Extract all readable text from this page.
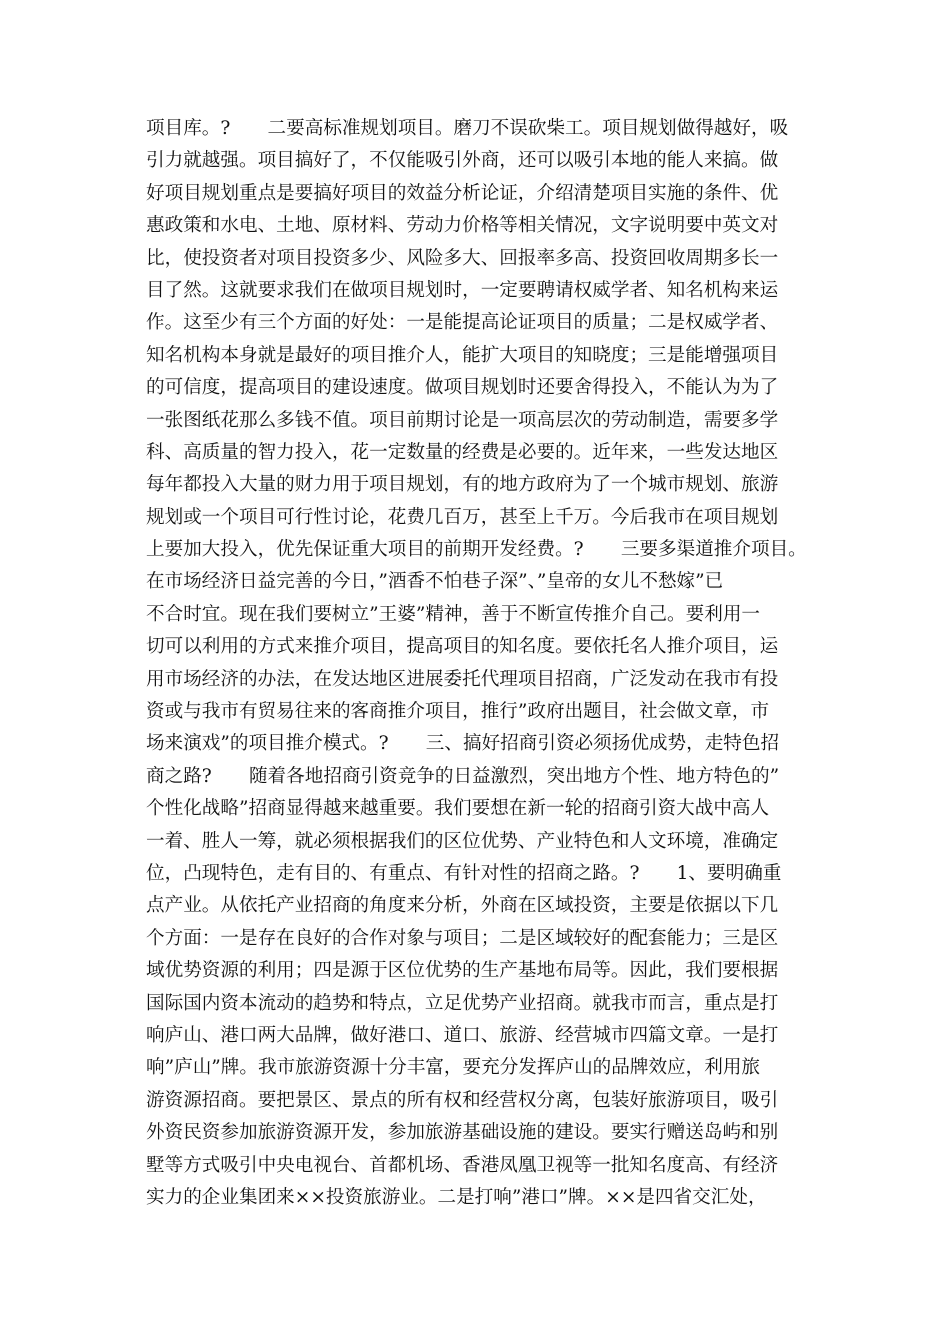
项目库。?　　二要高标准规划项目。磨刀不误砍柴工。项目规划做得越好，吸
引力就越强。项目搞好了，不仅能吸引外商，还可以吸引本地的能人来搞。做
好项目规划重点是要搞好项目的效益分析论证，介绍清楚项目实施的条件、优
惠政策和水电、土地、原材料、劳动力价格等相关情况，文字说明要中英文对
比，使投资者对项目投资多少、风险多大、回报率多高、投资回收周期多长一
目了然。这就要求我们在做项目规划时，一定要聘请权威学者、知名机构来运
作。这至少有三个方面的好处：一是能提高论证项目的质量；二是权威学者、
知名机构本身就是最好的项目推介人，能扩大项目的知晓度；三是能增强项目
的可信度，提高项目的建设速度。做项目规划时还要舍得投入，不能认为为了
一张图纸花那么多钱不值。项目前期讨论是一项高层次的劳动制造，需要多学
科、高质量的智力投入，花一定数量的经费是必要的。近年来，一些发达地区
每年都投入大量的财力用于项目规划，有的地方政府为了一个城市规划、旅游
规划或一个项目可行性讨论，花费几百万，甚至上千万。今后我市在项目规划
上要加大投入，优先保证重大项目的前期开发经费。?　　三要多渠道推介项目。
在市场经济日益完善的今日，”酒香不怕巷子深”、”皇帝的女儿不愁嫁”已
不合时宜。现在我们要树立”王婆”精神，善于不断宣传推介自己。要利用一
切可以利用的方式来推介项目，提高项目的知名度。要依托名人推介项目，运
用市场经济的办法，在发达地区进展委托代理项目招商，广泛发动在我市有投
资或与我市有贸易往来的客商推介项目，推行”政府出题目，社会做文章，市
场来演戏”的项目推介模式。?　　三、搞好招商引资必须扬优成势，走特色招
商之路?　　随着各地招商引资竞争的日益激烈，突出地方个性、地方特色的”
个性化战略”招商显得越来越重要。我们要想在新一轮的招商引资大战中高人
一着、胜人一筹，就必须根据我们的区位优势、产业特色和人文环境，准确定
位，凸现特色，走有目的、有重点、有针对性的招商之路。?　　1、要明确重
点产业。从依托产业招商的角度来分析，外商在区域投资，主要是依据以下几
个方面：一是存在良好的合作对象与项目；二是区域较好的配套能力；三是区
域优势资源的利用；四是源于区位优势的生产基地布局等。因此，我们要根据
国际国内资本流动的趋势和特点，立足优势产业招商。就我市而言，重点是打
响庐山、港口两大品牌，做好港口、道口、旅游、经营城市四篇文章。一是打
响”庐山”牌。我市旅游资源十分丰富，要充分发挥庐山的品牌效应，利用旅
游资源招商。要把景区、景点的所有权和经营权分离，包装好旅游项目，吸引
外资民资参加旅游资源开发，参加旅游基础设施的建设。要实行赠送岛屿和别
墅等方式吸引中央电视台、首都机场、香港凤凰卫视等一批知名度高、有经济
实力的企业集团来××投资旅游业。二是打响”港口”牌。××是四省交汇处，
